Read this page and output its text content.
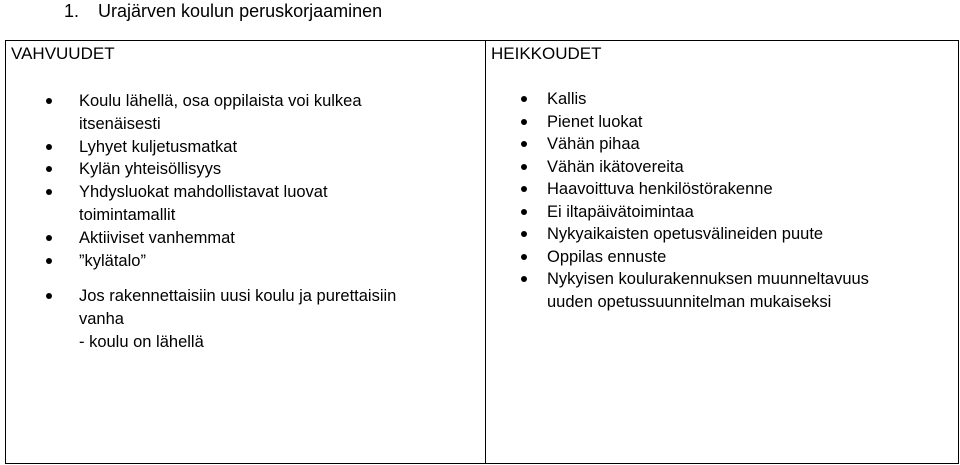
1. Urajärven koulun peruskorjaaminen
VAHVUUDET
Koulu lähellä, osa oppilaista voi kulkea
itsenäisesti
Lyhyet kuljetusmatkat
Kylän yhteisöllisyys
Yhdysluokat mahdollistavat luovat
toimintamallit
Aktiiviset vanhemmat
”kylätalo”
Jos rakennettaisiin uusi koulu ja purettaisiin
vanha
- koulu on lähellä
HEIKKOUDET
Kallis
Pienet luokat
Vähän pihaa
Vähän ikätovereita
Haavoittuva henkilöstörakenne
Ei iltapäivätoimintaa
Nykyaikaisten opetusvälineiden puute
Oppilas ennuste
Nykyisen koulurakennuksen muunneltavuus
uuden opetussuunnitelman mukaiseksi
